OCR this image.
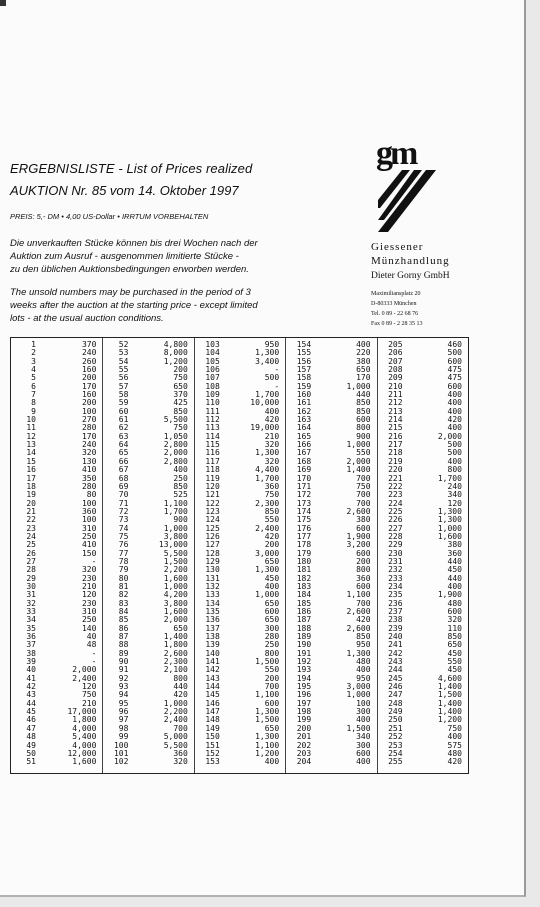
ERGEBNISLISTE - List of Prices realized
AUKTION Nr. 85 vom 14. Oktober 1997
PREIS: 5,- DM • 4,00 US-Dollar • IRRTUM VORBEHALTEN
Die unverkauften Stücke können bis drei Wochen nach der
Auktion zum Ausruf - ausgenommen limitierte Stücke -
zu den üblichen Auktionsbedingungen erworben werden.
The unsold numbers may be purchased in the period of 3
weeks after the auction at the starting price - except limited
lots - at the usual auction conditions.
gm
Giessener
Münzhandlung
Dieter Gorny GmbH
Maximiliansplatz 20
D-80333 München
Tel. 0 89 - 22 68 76
Fax 0 89 - 2 28 35 13
1	370
2	240
3	260
4	160
5	200
6	170
7	160
8	200
9	100
10	270
11	280
12	170
13	240
14	320
15	130
16	410
17	350
18	280
19	80
20	100
21	360
22	100
23	310
24	250
25	410
26	150
27	-
28	320
29	230
30	210
31	120
32	230
33	310
34	250
35	140
36	40
37	48
38	-
39	-
40	2,000
41	2,400
42	120
43	750
44	210
45	17,000
46	1,800
47	4,000
48	5,400
49	4,000
50	12,000
51	1,600
52	4,800
53	8,000
54	1,200
55	200
56	750
57	650
58	370
59	425
60	850
61	5,500
62	750
63	1,050
64	2,800
65	2,000
66	2,800
67	400
68	250
69	850
70	525
71	1,100
72	1,700
73	900
74	1,000
75	3,800
76	13,000
77	5,500
78	1,500
79	2,200
80	1,600
81	1,000
82	4,200
83	3,800
84	1,600
85	2,000
86	650
87	1,400
88	1,800
89	2,600
90	2,300
91	2,100
92	800
93	440
94	420
95	1,000
96	2,200
97	2,400
98	700
99	5,000
100	5,500
101	360
102	320
103	950
104	1,300
105	3,400
106	-
107	500
108	-
109	1,700
110	10,000
111	400
112	420
113	19,000
114	210
115	320
116	1,300
117	320
118	4,400
119	1,700
120	360
121	750
122	2,300
123	850
124	550
125	2,400
126	420
127	200
128	3,000
129	650
130	1,300
131	450
132	400
133	1,000
134	650
135	600
136	650
137	300
138	280
139	250
140	800
141	1,500
142	550
143	200
144	700
145	1,100
146	600
147	1,300
148	1,500
149	650
150	1,300
151	1,100
152	1,200
153	400
154	400
155	220
156	380
157	650
158	170
159	1,000
160	440
161	850
162	850
163	600
164	800
165	900
166	1,000
167	550
168	2,000
169	1,400
170	700
171	750
172	700
173	700
174	2,600
175	380
176	600
177	1,900
178	3,200
179	600
180	200
181	800
182	360
183	600
184	1,100
185	700
186	2,600
187	420
188	2,600
189	850
190	950
191	1,300
192	480
193	400
194	950
195	3,000
196	1,000
197	100
198	300
199	400
200	1,500
201	340
202	300
203	600
204	400
205	460
206	500
207	600
208	475
209	475
210	600
211	400
212	400
213	400
214	420
215	400
216	2,000
217	500
218	500
219	400
220	800
221	1,700
222	240
223	340
224	120
225	1,300
226	1,300
227	1,000
228	1,600
229	380
230	360
231	440
232	450
233	440
234	400
235	1,900
236	480
237	600
238	320
239	110
240	850
241	650
242	450
243	550
244	450
245	4,600
246	1,400
247	1,500
248	1,400
249	1,400
250	1,200
251	750
252	400
253	575
254	480
255	420
